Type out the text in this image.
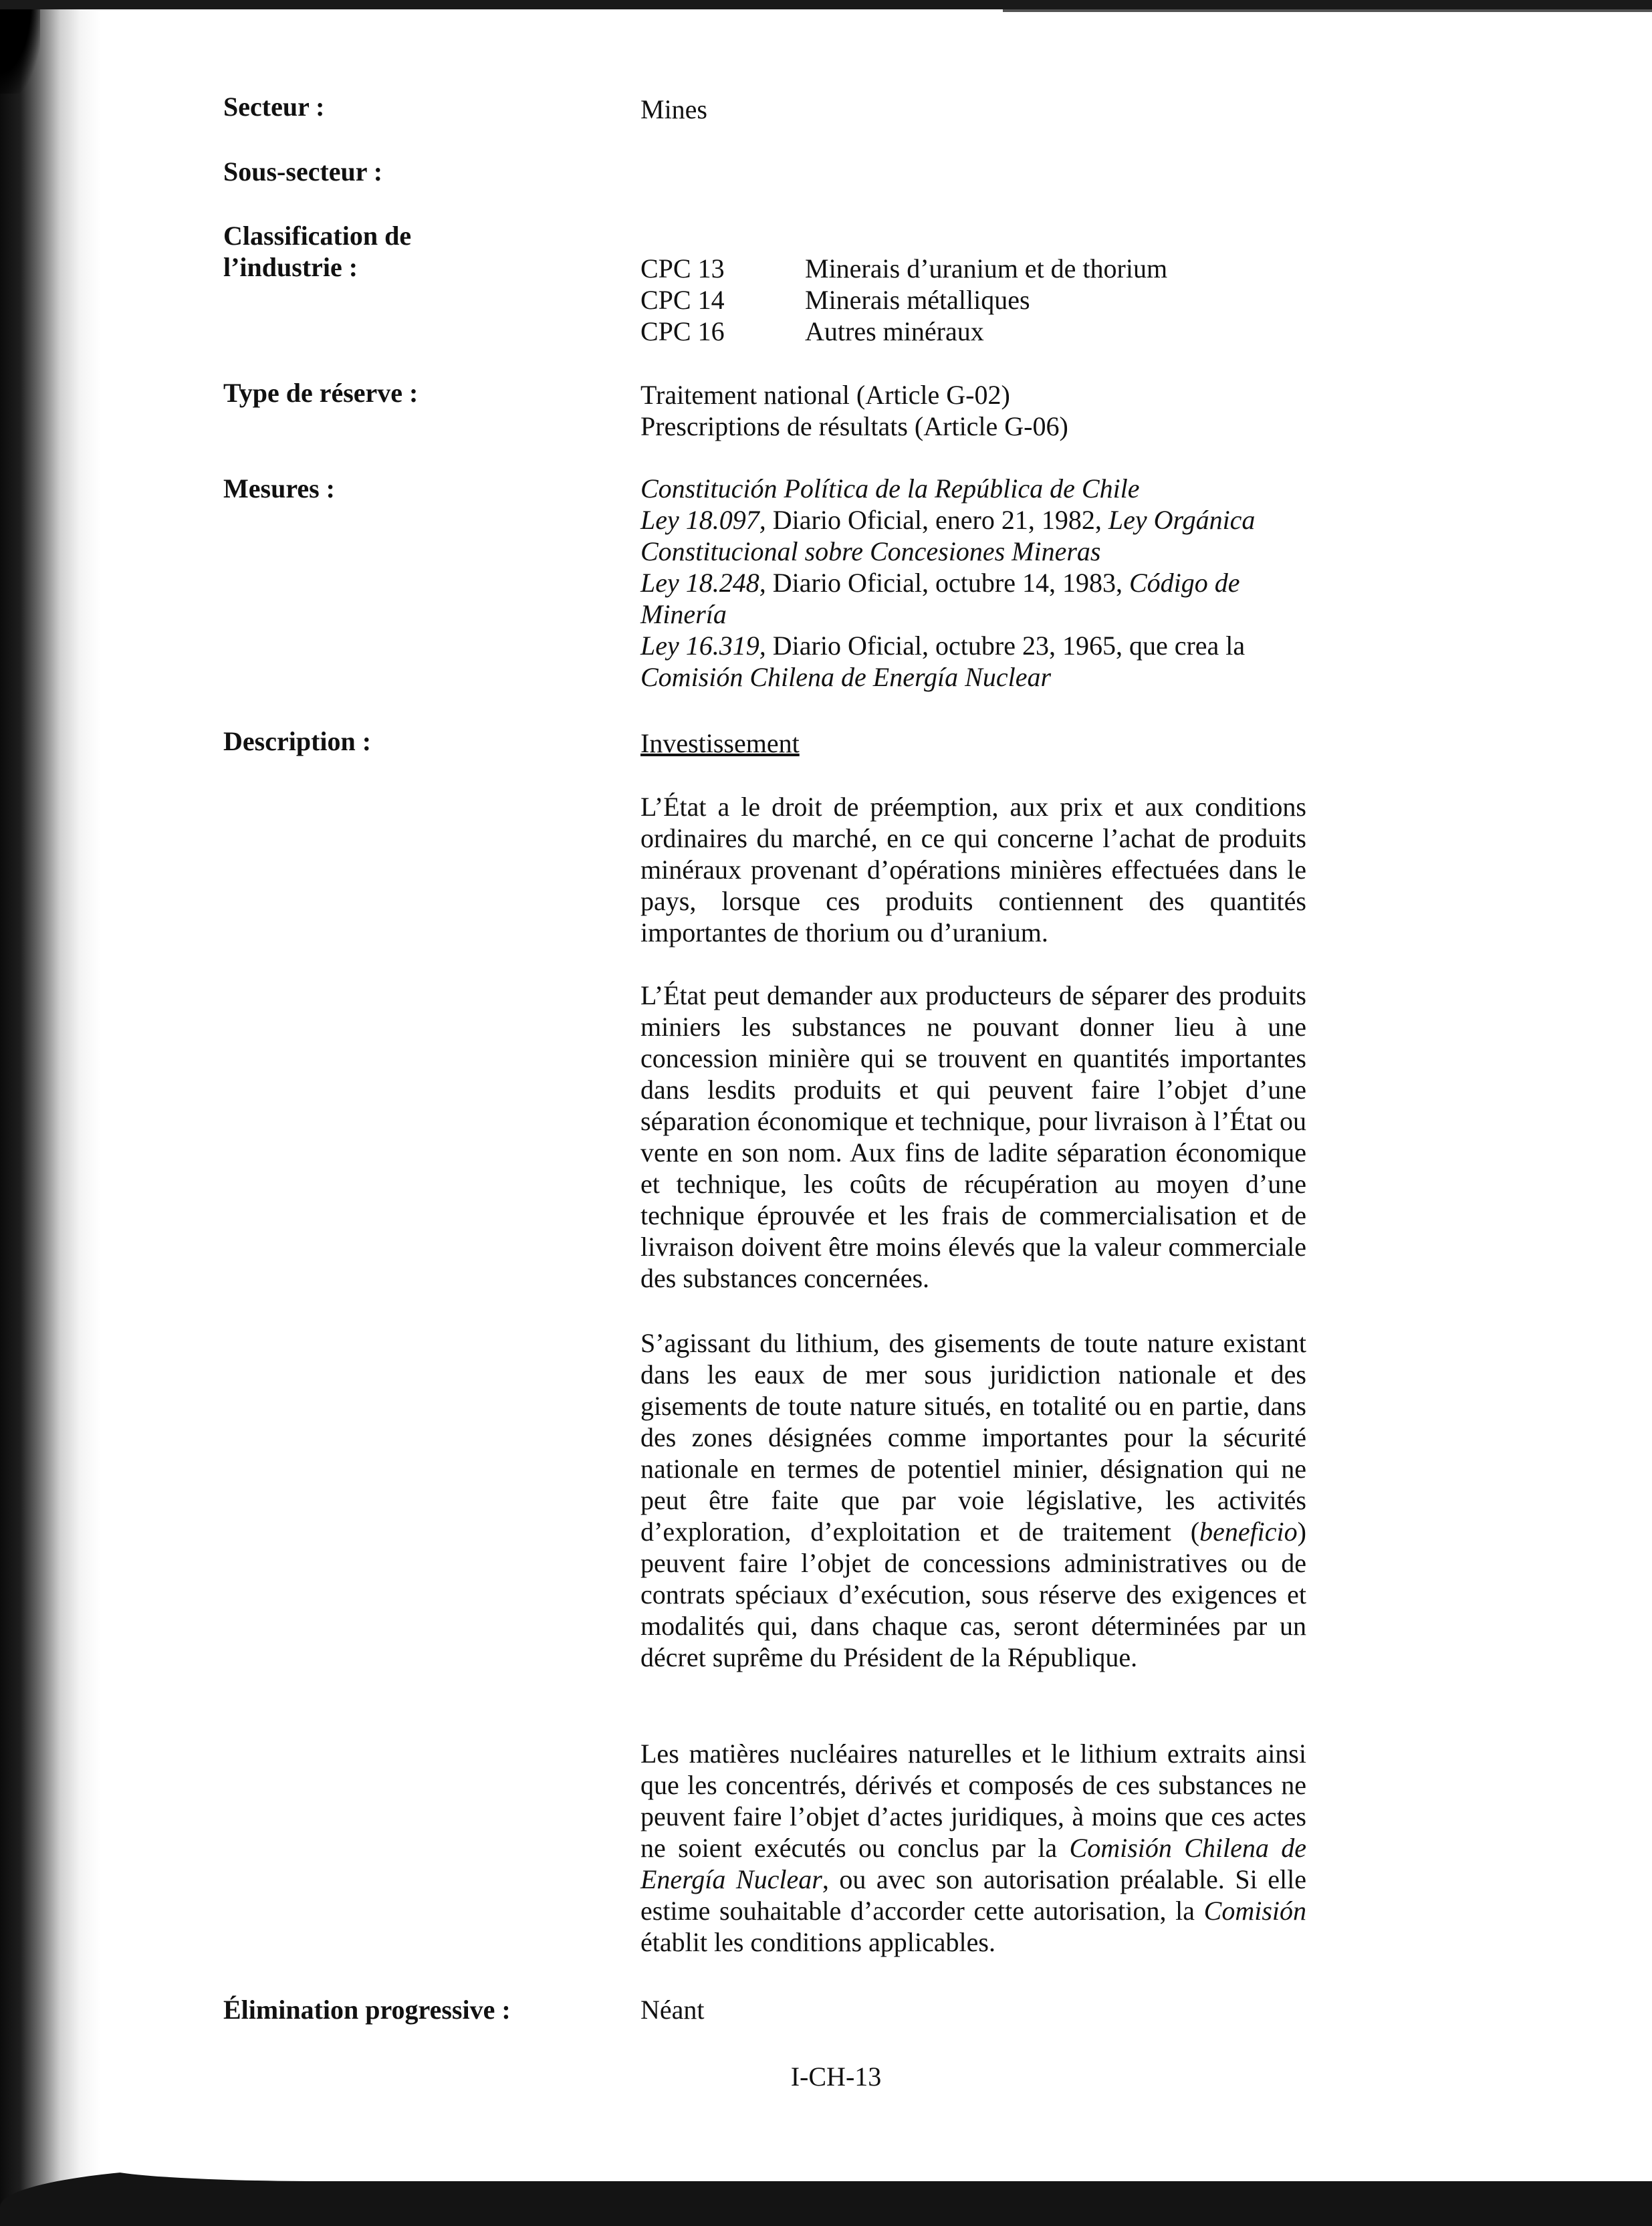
Secteur :	Mines
Sous-secteur :
Classification de
l’industrie :	CPC 13	Minerais d’uranium et de thorium
CPC 14	Minerais métalliques
CPC 16	Autres minéraux
Type de réserve :	Traitement national (Article G-02)
Prescriptions de résultats (Article G-06)
Mesures :	Constitución Política de la República de Chile
Ley 18.097, Diario Oficial, enero 21, 1982, Ley Orgánica
Constitucional sobre Concesiones Mineras
Ley 18.248, Diario Oficial, octubre 14, 1983, Código de
Minería
Ley 16.319, Diario Oficial, octubre 23, 1965, que crea la
Comisión Chilena de Energía Nuclear
Description :	Investissement

L’État a le droit de préemption, aux prix et aux conditions ordinaires du marché, en ce qui concerne l’achat de produits minéraux provenant d’opérations minières effectuées dans le pays, lorsque ces produits contiennent des quantités importantes de thorium ou d’uranium.

L’État peut demander aux producteurs de séparer des produits miniers les substances ne pouvant donner lieu à une concession minière qui se trouvent en quantités importantes dans lesdits produits et qui peuvent faire l’objet d’une séparation économique et technique, pour livraison à l’État ou vente en son nom. Aux fins de ladite séparation économique et technique, les coûts de récupération au moyen d’une technique éprouvée et les frais de commercialisation et de livraison doivent être moins élevés que la valeur commerciale des substances concernées.

S’agissant du lithium, des gisements de toute nature existant dans les eaux de mer sous juridiction nationale et des gisements de toute nature situés, en totalité ou en partie, dans des zones désignées comme importantes pour la sécurité nationale en termes de potentiel minier, désignation qui ne peut être faite que par voie législative, les activités d’exploration, d’exploitation et de traitement (beneficio) peuvent faire l’objet de concessions administratives ou de contrats spéciaux d’exécution, sous réserve des exigences et modalités qui, dans chaque cas, seront déterminées par un décret suprême du Président de la République.

Les matières nucléaires naturelles et le lithium extraits ainsi que les concentrés, dérivés et composés de ces substances ne peuvent faire l’objet d’actes juridiques, à moins que ces actes ne soient exécutés ou conclus par la Comisión Chilena de Energía Nuclear, ou avec son autorisation préalable. Si elle estime souhaitable d’accorder cette autorisation, la Comisión établit les conditions applicables.

Élimination progressive :	Néant
I-CH-13
